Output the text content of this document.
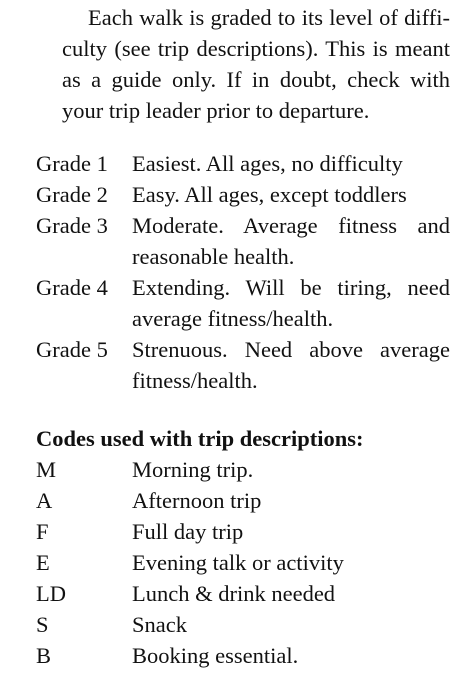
Each walk is graded to its level of diffi-
culty (see trip descriptions). This is meant
as a guide only. If in doubt, check with
your trip leader prior to departure.
Grade 1	Easiest. All ages, no difficulty
Grade 2	Easy. All ages, except toddlers
Grade 3	Moderate. Average fitness and
reasonable health.
Grade 4	Extending. Will be tiring, need
average fitness/health.
Grade 5	Strenuous. Need above average
fitness/health.
Codes used with trip descriptions:
M	Morning trip.
A	Afternoon trip
F	Full day trip
E	Evening talk or activity
LD	Lunch & drink needed
S	Snack
B	Booking essential.
